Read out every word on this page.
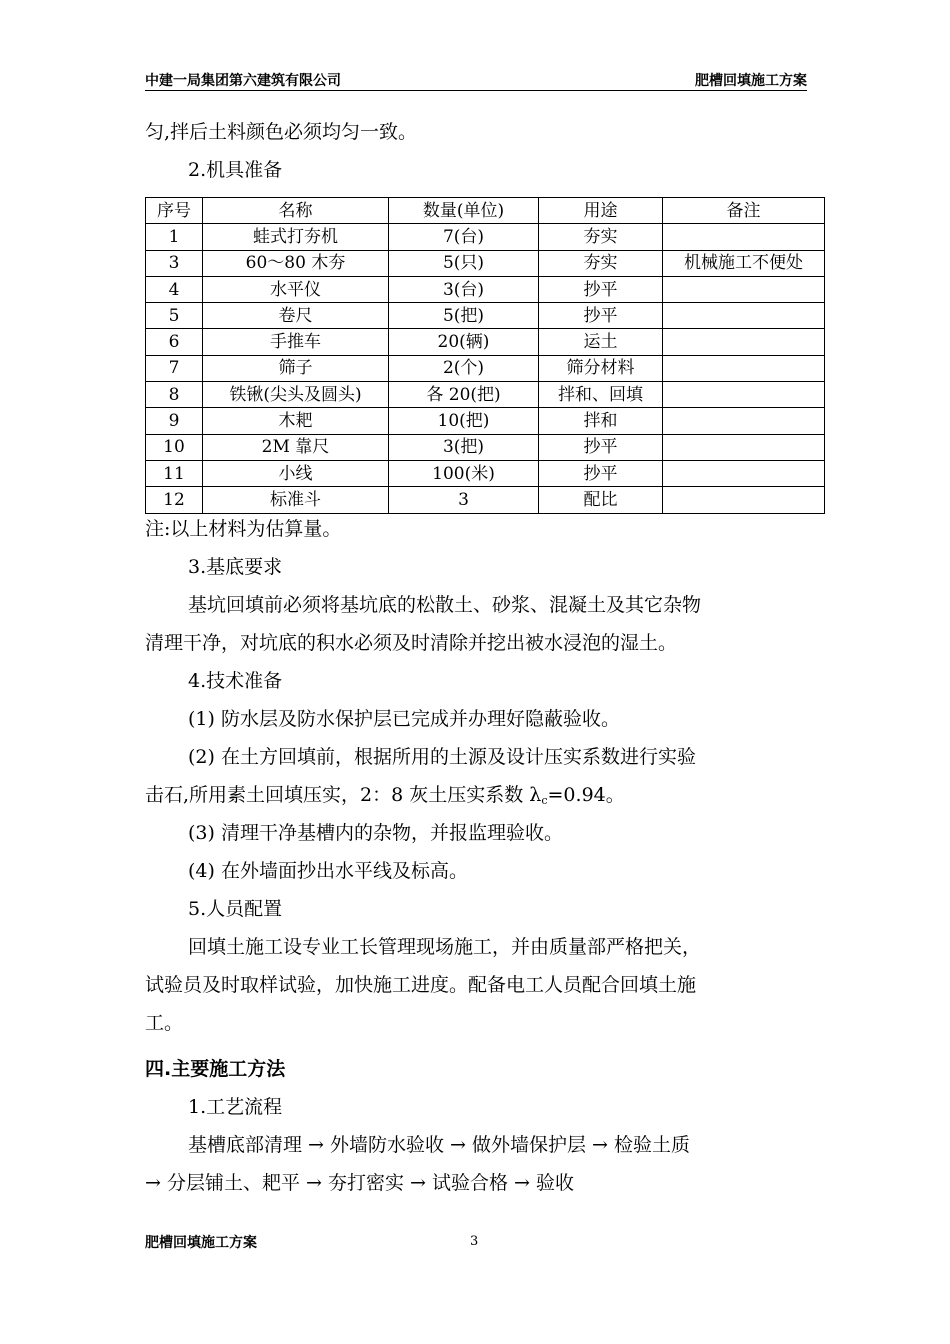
中建一局集团第六建筑有限公司	肥槽回填施工方案
匀,拌后土料颜色必须均匀一致。
2.机具准备
序号	名称	数量(单位)	用途	备注
1	蛙式打夯机	7(台)	夯实	
3	60～80 木夯	5(只)	夯实	机械施工不便处
4	水平仪	3(台)	抄平	
5	卷尺	5(把)	抄平	
6	手推车	20(辆)	运土	
7	筛子	2(个)	筛分材料	
8	铁锹(尖头及圆头)	各 20(把)	拌和、回填	
9	木耙	10(把)	拌和	
10	2M 靠尺	3(把)	抄平	
11	小线	100(米)	抄平	
12	标准斗	3	配比	
注:以上材料为估算量。
3.基底要求
基坑回填前必须将基坑底的松散土、砂浆、混凝土及其它杂物
清理干净，对坑底的积水必须及时清除并挖出被水浸泡的湿土。
4.技术准备
(1) 防水层及防水保护层已完成并办理好隐蔽验收。
(2) 在土方回填前，根据所用的土源及设计压实系数进行实验
击石,所用素土回填压实，2：8 灰土压实系数 $\lambda_c=0.94$。
(3) 清理干净基槽内的杂物，并报监理验收。
(4) 在外墙面抄出水平线及标高。
5.人员配置
回填土施工设专业工长管理现场施工，并由质量部严格把关，
试验员及时取样试验，加快施工进度。配备电工人员配合回填土施
工。
四.主要施工方法
1.工艺流程
基槽底部清理 → 外墙防水验收 → 做外墙保护层 → 检验土质
→ 分层铺土、耙平 → 夯打密实 → 试验合格 → 验收
肥槽回填施工方案	3
